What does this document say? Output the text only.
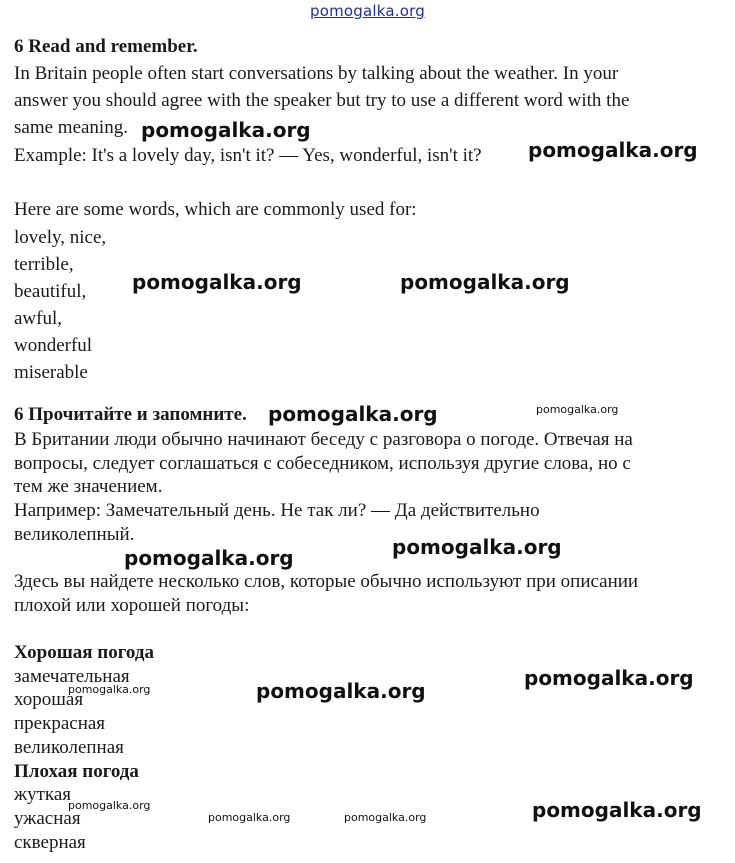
pomogalka.org
6 Read and remember.
In Britain people often start conversations by talking about the weather. In your
answer you should agree with the speaker but try to use a different word with the
same meaning.
Example: It's a lovely day, isn't it? — Yes, wonderful, isn't it?
Here are some words, which are commonly used for:
lovely, nice,
terrible,
beautiful,
awful,
wonderful
miserable
6 Прочитайте и запомните.
В Британии люди обычно начинают беседу с разговора о погоде. Отвечая на
вопросы, следует соглашаться с собеседником, используя другие слова, но с
тем же значением.
Например: Замечательный день. Не так ли? — Да действительно
великолепный.
Здесь вы найдете несколько слов, которые обычно используют при описании
плохой или хорошей погоды:
Хорошая погода
замечательная
хорошая
прекрасная
великолепная
Плохая погода
жуткая
ужасная
скверная
pomogalka.org
pomogalka.org
pomogalka.org	pomogalka.org
pomogalka.org	pomogalka.org
pomogalka.org	pomogalka.org
pomogalka.org	pomogalka.org
pomogalka.org
pomogalka.org
pomogalka.org	pomogalka.org	pomogalka.org
